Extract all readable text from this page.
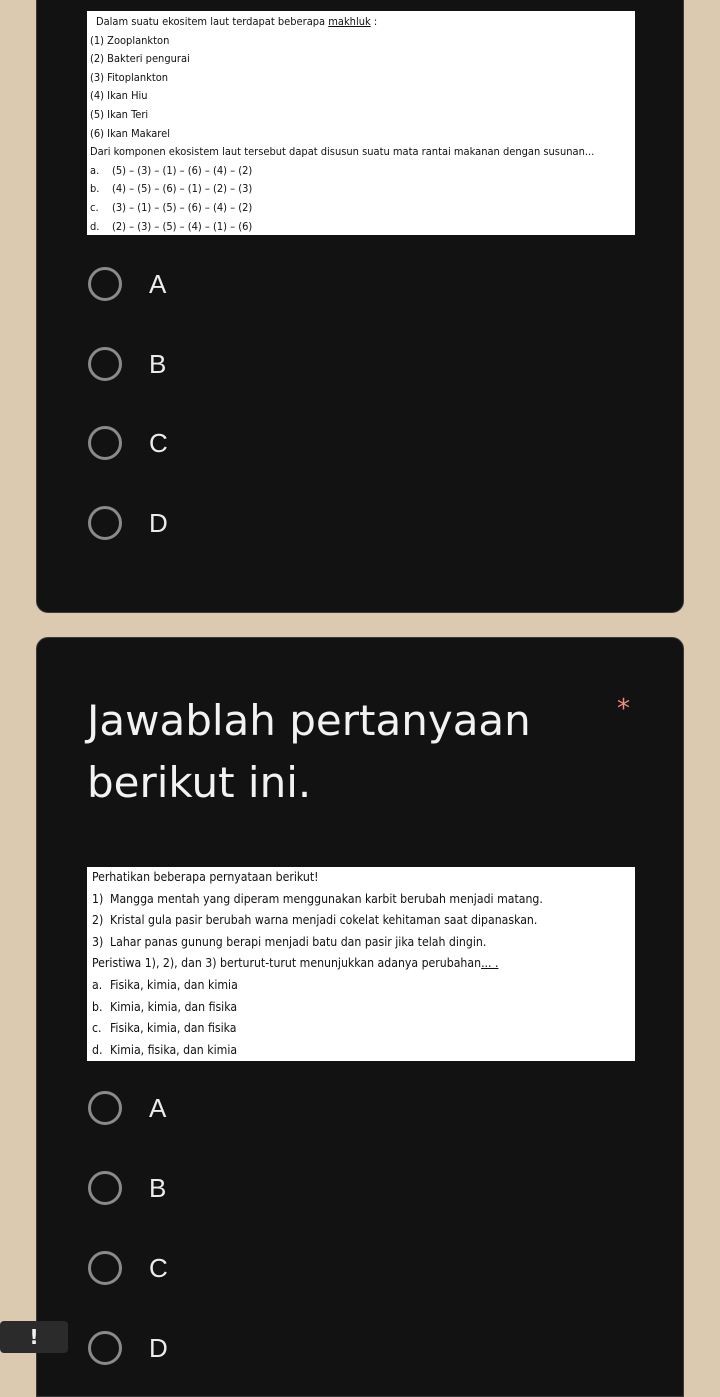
Dalam suatu ekositem laut terdapat beberapa makhluk :
(1) Zooplankton
(2) Bakteri pengurai
(3) Fitoplankton
(4) Ikan Hiu
(5) Ikan Teri
(6) Ikan Makarel
Dari komponen ekosistem laut tersebut dapat disusun suatu mata rantai makanan dengan susunan...
a. (5) – (3) – (1) – (6) – (4) – (2)
b. (4) – (5) – (6) – (1) – (2) – (3)
c. (3) – (1) – (5) – (6) – (4) – (2)
d. (2) – (3) – (5) – (4) – (1) – (6)
A
B
C
D
Jawablah pertanyaan berikut ini.
*
Perhatikan beberapa pernyataan berikut!
1) Mangga mentah yang diperam menggunakan karbit berubah menjadi matang.
2) Kristal gula pasir berubah warna menjadi cokelat kehitaman saat dipanaskan.
3) Lahar panas gunung berapi menjadi batu dan pasir jika telah dingin.
Peristiwa 1), 2), dan 3) berturut-turut menunjukkan adanya perubahan... .
a. Fisika, kimia, dan kimia
b. Kimia, kimia, dan fisika
c. Fisika, kimia, dan fisika
d. Kimia, fisika, dan kimia
A
B
C
D
!
